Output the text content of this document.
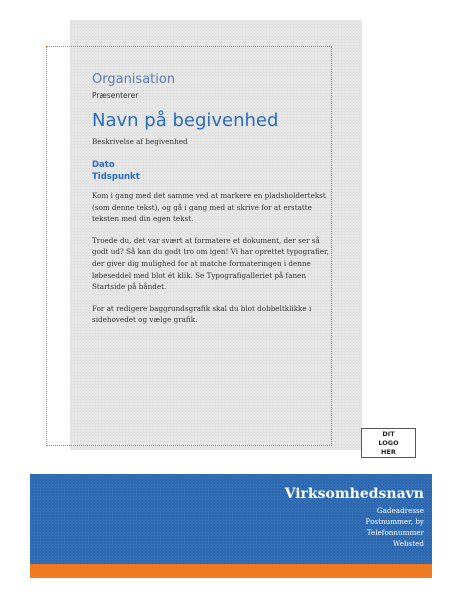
Organisation

Præsenterer

Navn på begivenhed

Beskrivelse af begivenhed

Dato

Tidspunkt

Kom i gang med det samme ved at markere en pladsholdertekst (som denne tekst), og gå i gang med at skrive for at erstatte teksten med din egen tekst.

Troede du, det var svært at formatere et dokument, der ser så godt ud? Så kan du godt tro om igen! Vi har oprettet typografier, der giver dig mulighed for at matche formateringen i denne løbeseddel med blot ét klik. Se Typografigalleriet på fanen Startside på båndet.

For at redigere baggrundsgrafik skal du blot dobbeltklikke i sidehovedet og vælge grafik.

DIT LOGO HER

Virksomhedsnavn

Gadeadresse

Postnummer, by

Telefonnummer

Websted
